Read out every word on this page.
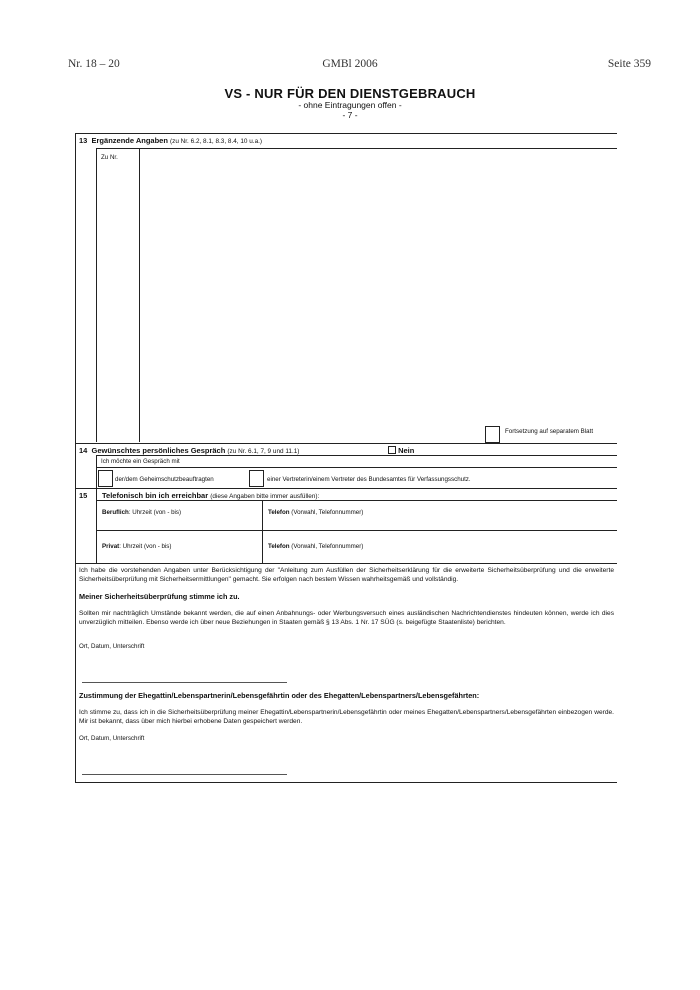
Nr. 18 – 20	GMBl 2006	Seite 359
VS - NUR FÜR DEN DIENSTGEBRAUCH
- ohne Eintragungen offen -
- 7 -
13 Ergänzende Angaben (zu Nr. 6.2, 8.1, 8.3, 8.4, 10 u.a.)
Zu Nr.
Fortsetzung auf separatem Blatt
14 Gewünschtes persönliches Gespräch (zu Nr. 6.1, 7, 9 und 11.1)	Nein
Ich möchte ein Gespräch mit
der/dem Geheimschutzbeauftragten	einer Vertreterin/einem Vertreter des Bundesamtes für Verfassungsschutz.
15 Telefonisch bin ich erreichbar (diese Angaben bitte immer ausfüllen):
Beruflich: Uhrzeit (von - bis)	Telefon (Vorwahl, Telefonnummer)
Privat: Uhrzeit (von - bis)	Telefon (Vorwahl, Telefonnummer)
Ich habe die vorstehenden Angaben unter Berücksichtigung der "Anleitung zum Ausfüllen der Sicherheitserklärung für die erweiterte Sicherheitsüberprüfung und die erweiterte Sicherheitsüberprüfung mit Sicherheitsermittlungen" gemacht. Sie erfolgen nach bestem Wissen wahrheitsgemäß und vollständig.
Meiner Sicherheitsüberprüfung stimme ich zu.
Sollten mir nachträglich Umstände bekannt werden, die auf einen Anbahnungs- oder Werbungsversuch eines ausländischen Nachrichtendienstes hindeuten können, werde ich dies unverzüglich mitteilen. Ebenso werde ich über neue Beziehungen in Staaten gemäß § 13 Abs. 1 Nr. 17 SÜG (s. beigefügte Staatenliste) berichten.
Ort, Datum, Unterschrift
Zustimmung der Ehegattin/Lebenspartnerin/Lebensgefährtin oder des Ehegatten/Lebenspartners/Lebensgefährten:
Ich stimme zu, dass ich in die Sicherheitsüberprüfung meiner Ehegattin/Lebenspartnerin/Lebensgefährtin oder meines Ehegatten/Lebenspartners/Lebensgefährten einbezogen werde. Mir ist bekannt, dass über mich hierbei erhobene Daten gespeichert werden.
Ort, Datum, Unterschrift
